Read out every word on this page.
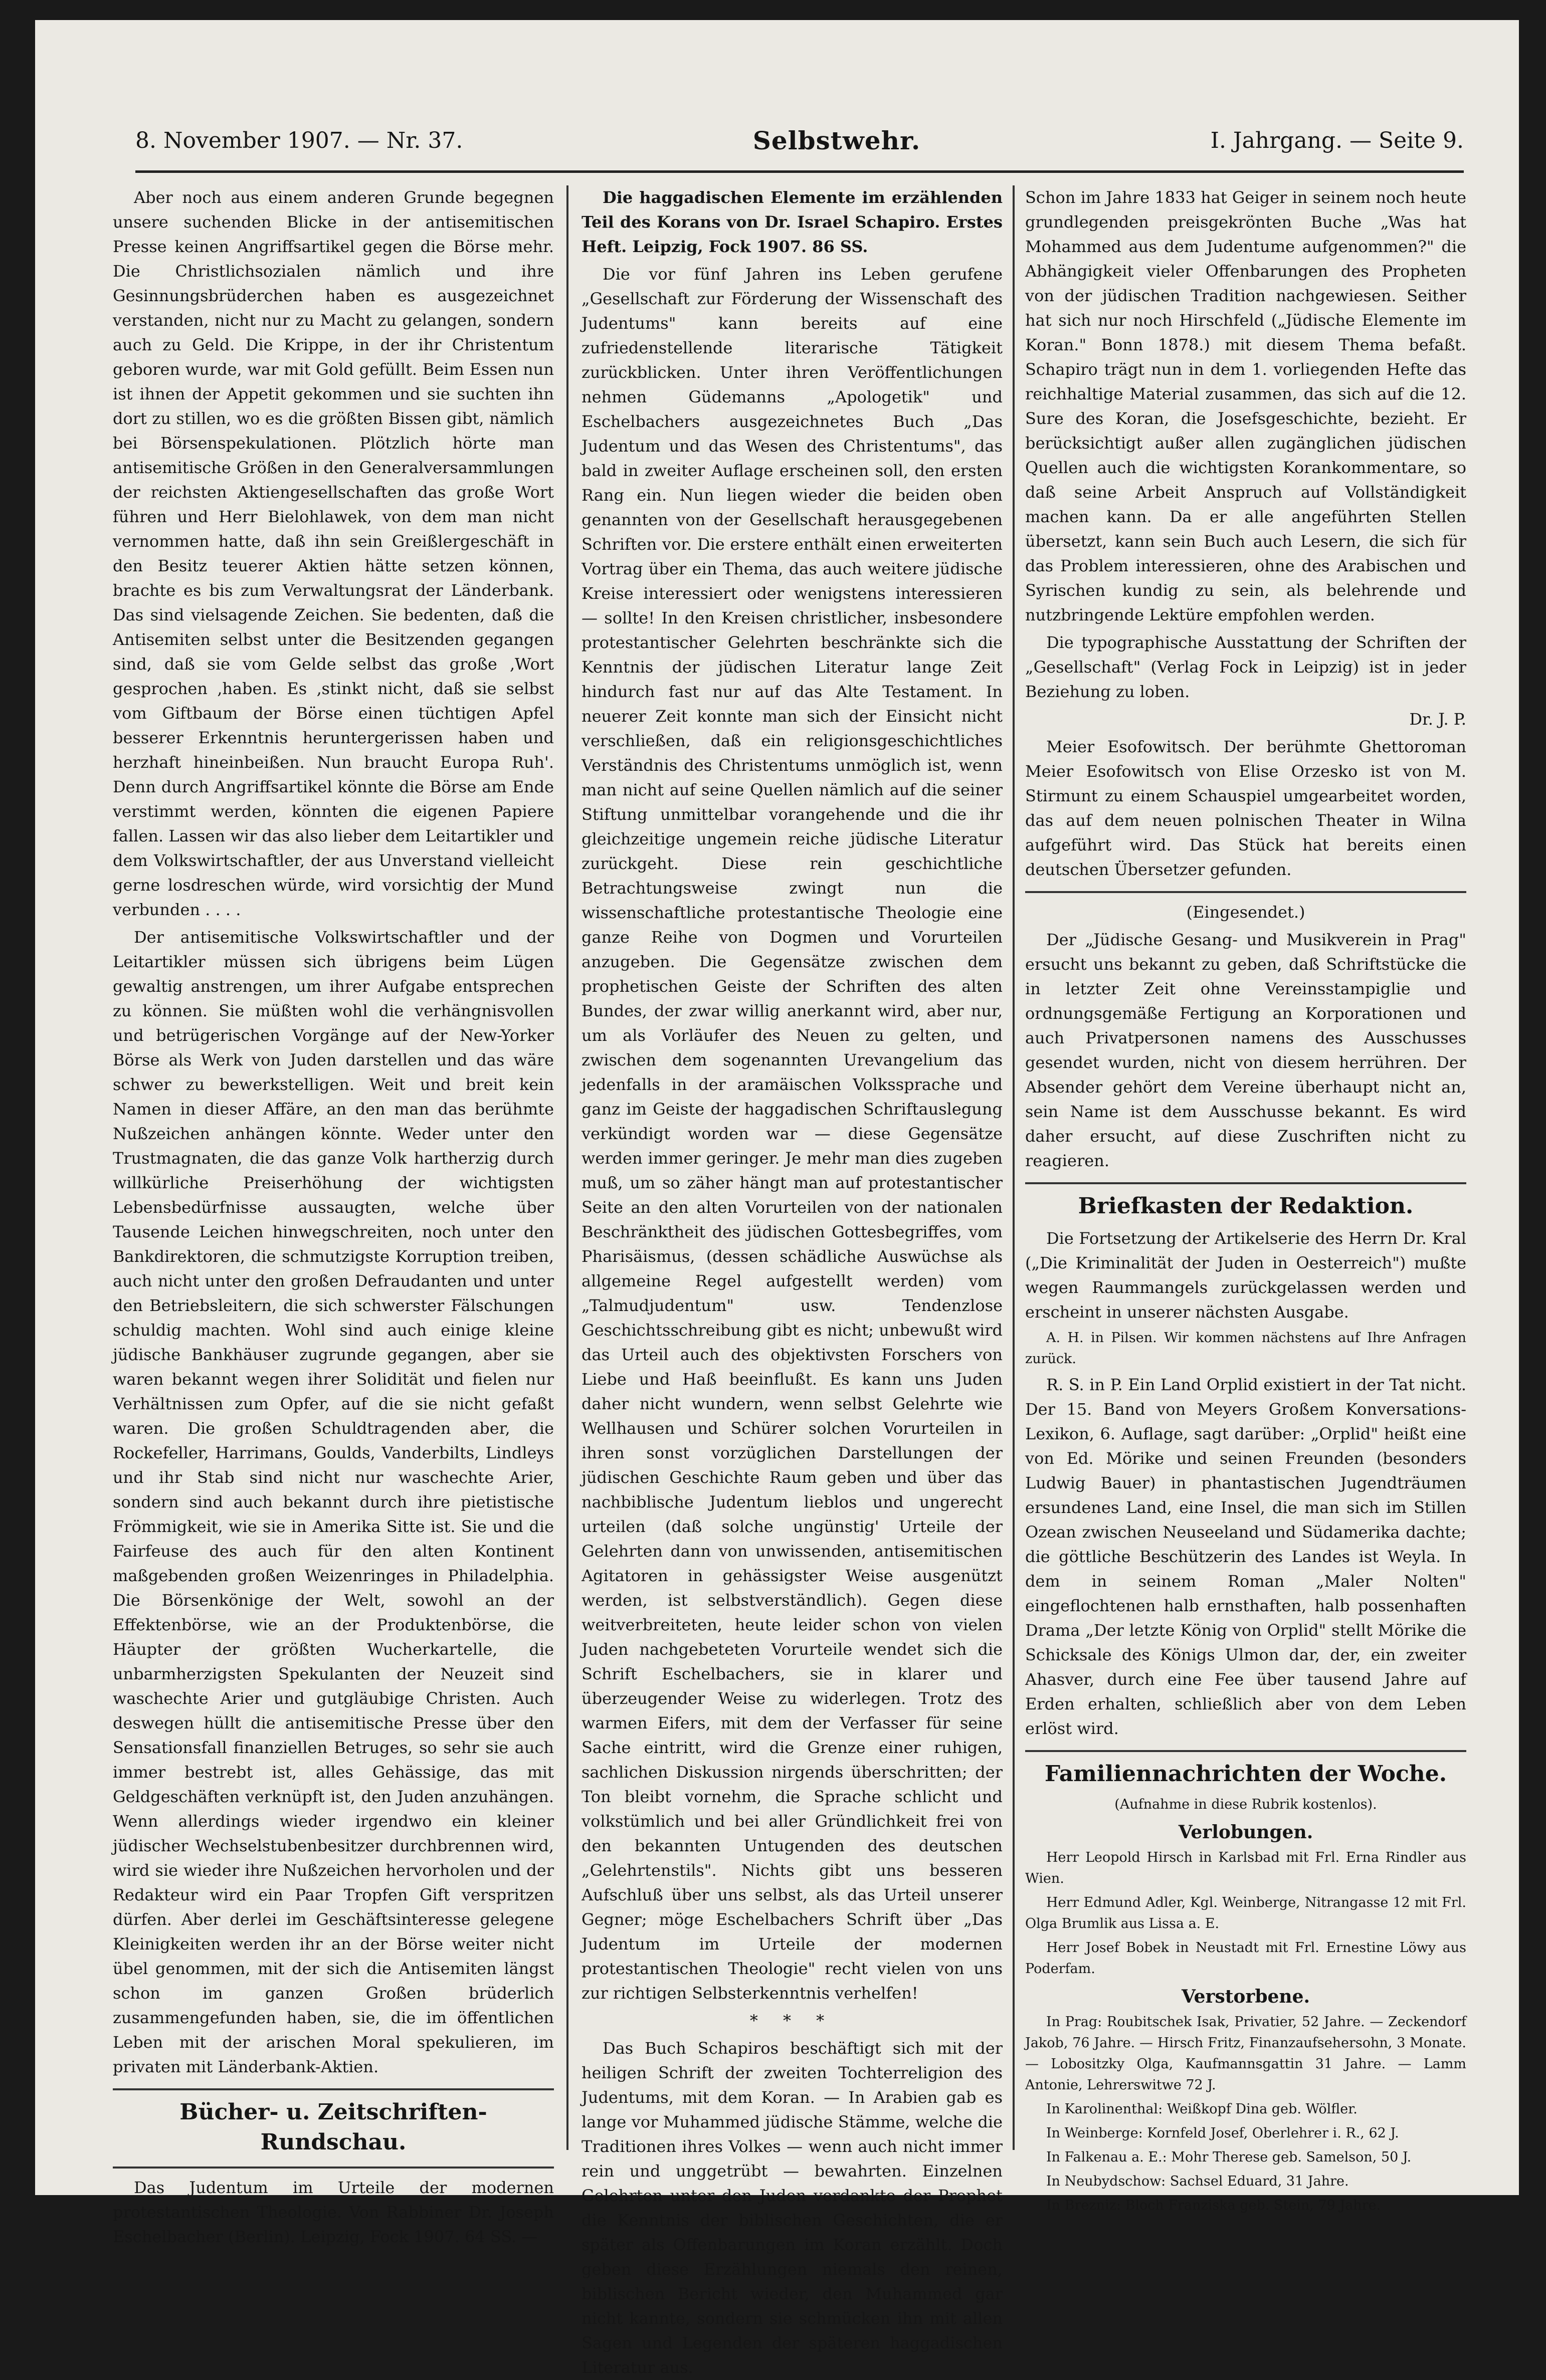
8. November 1907. — Nr. 37.	Selbstwehr.	I. Jahrgang. — Seite 9.

Aber noch aus einem anderen Grunde begegnen unsere suchenden Blicke in der antisemitischen Presse keinen Angriffsartikel gegen die Börse mehr. Die Christlichsozialen nämlich und ihre Gesinnungsbrüderchen haben es ausgezeichnet verstanden, nicht nur zu Macht zu gelangen, sondern auch zu Geld. Die Krippe, in der ihr Christentum geboren wurde, war mit Gold gefüllt. Beim Essen nun ist ihnen der Appetit gekommen und sie suchten ihn dort zu stillen, wo es die größten Bissen gibt, nämlich bei Börsenspekulationen. Plötzlich hörte man antisemitische Größen in den Generalversammlungen der reichsten Aktiengesellschaften das große Wort führen und Herr Bielohlawek, von dem man nicht vernommen hatte, daß ihn sein Greißlergeschäft in den Besitz teuerer Aktien hätte setzen können, brachte es bis zum Verwaltungsrat der Länderbank. Das sind vielsagende Zeichen. Sie bedenten, daß die Antisemiten selbst unter die Besitzenden gegangen sind, daß sie vom Gelde selbst das große ‚Wort gesprochen ‚haben. Es ‚stinkt nicht, daß sie selbst vom Giftbaum der Börse einen tüchtigen Apfel besserer Erkenntnis heruntergerissen haben und herzhaft hineinbeißen. Nun braucht Europa Ruh'. Denn durch Angriffsartikel könnte die Börse am Ende verstimmt werden, könnten die eigenen Papiere fallen. Lassen wir das also lieber dem Leitartikler und dem Volkswirtschaftler, der aus Unverstand vielleicht gerne losdreschen würde, wird vorsichtig der Mund verbunden . . . .

Der antisemitische Volkswirtschaftler und der Leitartikler müssen sich übrigens beim Lügen gewaltig anstrengen, um ihrer Aufgabe entsprechen zu können. Sie müßten wohl die verhängnisvollen und betrügerischen Vorgänge auf der New-Yorker Börse als Werk von Juden darstellen und das wäre schwer zu bewerkstelligen. Weit und breit kein Namen in dieser Affäre, an den man das berühmte Nußzeichen anhängen könnte. Weder unter den Trustmagnaten, die das ganze Volk hartherzig durch willkürliche Preiserhöhung der wichtigsten Lebensbedürfnisse aussaugten, welche über Tausende Leichen hinwegschreiten, noch unter den Bankdirektoren, die schmutzigste Korruption treiben, auch nicht unter den großen Defraudanten und unter den Betriebsleitern, die sich schwerster Fälschungen schuldig machten. Wohl sind auch einige kleine jüdische Bankhäuser zugrunde gegangen, aber sie waren bekannt wegen ihrer Solidität und fielen nur Verhältnissen zum Opfer, auf die sie nicht gefaßt waren. Die großen Schuldtragenden aber, die Rockefeller, Harrimans, Goulds, Vanderbilts, Lindleys und ihr Stab sind nicht nur waschechte Arier, sondern sind auch bekannt durch ihre pietistische Frömmigkeit, wie sie in Amerika Sitte ist. Sie und die Fairfeuse des auch für den alten Kontinent maßgebenden großen Weizenringes in Philadelphia. Die Börsenkönige der Welt, sowohl an der Effektenbörse, wie an der Produktenbörse, die Häupter der größten Wucherkartelle, die unbarmherzigsten Spekulanten der Neuzeit sind waschechte Arier und gutgläubige Christen. Auch deswegen hüllt die antisemitische Presse über den Sensationsfall finanziellen Betruges, so sehr sie auch immer bestrebt ist, alles Gehässige, das mit Geldgeschäften verknüpft ist, den Juden anzuhängen. Wenn allerdings wieder irgendwo ein kleiner jüdischer Wechselstubenbesitzer durchbrennen wird, wird sie wieder ihre Nußzeichen hervorholen und der Redakteur wird ein Paar Tropfen Gift verspritzen dürfen. Aber derlei im Geschäftsinteresse gelegene Kleinigkeiten werden ihr an der Börse weiter nicht übel genommen, mit der sich die Antisemiten längst schon im ganzen Großen brüderlich zusammengefunden haben, sie, die im öffentlichen Leben mit der arischen Moral spekulieren, im privaten mit Länderbank-Aktien.

Bücher- u. Zeitschriften-Rundschau.

Das Judentum im Urteile der modernen protestantischen Theologie. Von Rabbiner Dr. Joseph Eschelbacher (Berlin). Leipzig, Fock 1907. 64 SS. —

Die haggadischen Elemente im erzählenden Teil des Korans von Dr. Israel Schapiro. Erstes Heft. Leipzig, Fock 1907. 86 SS.

Die vor fünf Jahren ins Leben gerufene „Gesellschaft zur Förderung der Wissenschaft des Judentums" kann bereits auf eine zufriedenstellende literarische Tätigkeit zurückblicken. Unter ihren Veröffentlichungen nehmen Güdemanns „Apologetik" und Eschelbachers ausgezeichnetes Buch „Das Judentum und das Wesen des Christentums", das bald in zweiter Auflage erscheinen soll, den ersten Rang ein. Nun liegen wieder die beiden oben genannten von der Gesellschaft herausgegebenen Schriften vor. Die erstere enthält einen erweiterten Vortrag über ein Thema, das auch weitere jüdische Kreise interessiert oder wenigstens interessieren — sollte! In den Kreisen christlicher, insbesondere protestantischer Gelehrten beschränkte sich die Kenntnis der jüdischen Literatur lange Zeit hindurch fast nur auf das Alte Testament. In neuerer Zeit konnte man sich der Einsicht nicht verschließen, daß ein religionsgeschichtliches Verständnis des Christentums unmöglich ist, wenn man nicht auf seine Quellen nämlich auf die seiner Stiftung unmittelbar vorangehende und die ihr gleichzeitige ungemein reiche jüdische Literatur zurückgeht. Diese rein geschichtliche Betrachtungsweise zwingt nun die wissenschaftliche protestantische Theologie eine ganze Reihe von Dogmen und Vorurteilen anzugeben. Die Gegensätze zwischen dem prophetischen Geiste der Schriften des alten Bundes, der zwar willig anerkannt wird, aber nur, um als Vorläufer des Neuen zu gelten, und zwischen dem sogenannten Urevangelium das jedenfalls in der aramäischen Volkssprache und ganz im Geiste der haggadischen Schriftauslegung verkündigt worden war — diese Gegensätze werden immer geringer. Je mehr man dies zugeben muß, um so zäher hängt man auf protestantischer Seite an den alten Vorurteilen von der nationalen Beschränktheit des jüdischen Gottesbegriffes, vom Pharisäismus, (dessen schädliche Auswüchse als allgemeine Regel aufgestellt werden) vom „Talmudjudentum" usw. Tendenzlose Geschichtsschreibung gibt es nicht; unbewußt wird das Urteil auch des objektivsten Forschers von Liebe und Haß beeinflußt. Es kann uns Juden daher nicht wundern, wenn selbst Gelehrte wie Wellhausen und Schürer solchen Vorurteilen in ihren sonst vorzüglichen Darstellungen der jüdischen Geschichte Raum geben und über das nachbiblische Judentum lieblos und ungerecht urteilen (daß solche ungünstig' Urteile der Gelehrten dann von unwissenden, antisemitischen Agitatoren in gehässigster Weise ausgenützt werden, ist selbstverständlich). Gegen diese weitverbreiteten, heute leider schon von vielen Juden nachgebeteten Vorurteile wendet sich die Schrift Eschelbachers, sie in klarer und überzeugender Weise zu widerlegen. Trotz des warmen Eifers, mit dem der Verfasser für seine Sache eintritt, wird die Grenze einer ruhigen, sachlichen Diskussion nirgends überschritten; der Ton bleibt vornehm, die Sprache schlicht und volkstümlich und bei aller Gründlichkeit frei von den bekannten Untugenden des deutschen „Gelehrtenstils". Nichts gibt uns besseren Aufschluß über uns selbst, als das Urteil unserer Gegner; möge Eschelbachers Schrift über „Das Judentum im Urteile der modernen protestantischen Theologie" recht vielen von uns zur richtigen Selbsterkenntnis verhelfen!

* * *

Das Buch Schapiros beschäftigt sich mit der heiligen Schrift der zweiten Tochterreligion des Judentums, mit dem Koran. — In Arabien gab es lange vor Muhammed jüdische Stämme, welche die Traditionen ihres Volkes — wenn auch nicht immer rein und unggetrübt — bewahrten. Einzelnen Gelehrten unter den Juden verdankte der Prophet die Kenntnis der biblischen Geschichten, die er später als Offenbarungen im Koran erzählt. Doch geben diese Erzählungen niemals den reinen, biblischen Bericht wieder, den Muhammed gar nicht kannte, sondern sie schmücken ihn mit allen Sagen und Legenden der späteren haggadischen Literatur aus.

Schon im Jahre 1833 hat Geiger in seinem noch heute grundlegenden preisgekrönten Buche „Was hat Mohammed aus dem Judentume aufgenommen?" die Abhängigkeit vieler Offenbarungen des Propheten von der jüdischen Tradition nachgewiesen. Seither hat sich nur noch Hirschfeld („Jüdische Elemente im Koran." Bonn 1878.) mit diesem Thema befaßt. Schapiro trägt nun in dem 1. vorliegenden Hefte das reichhaltige Material zusammen, das sich auf die 12. Sure des Koran, die Josefsgeschichte, bezieht. Er berücksichtigt außer allen zugänglichen jüdischen Quellen auch die wichtigsten Korankommentare, so daß seine Arbeit Anspruch auf Vollständigkeit machen kann. Da er alle angeführten Stellen übersetzt, kann sein Buch auch Lesern, die sich für das Problem interessieren, ohne des Arabischen und Syrischen kundig zu sein, als belehrende und nutzbringende Lektüre empfohlen werden.

Die typographische Ausstattung der Schriften der „Gesellschaft" (Verlag Fock in Leipzig) ist in jeder Beziehung zu loben.

Dr. J. P.

Meier Esofowitsch. Der berühmte Ghettoroman Meier Esofowitsch von Elise Orzesko ist von M. Stirmunt zu einem Schauspiel umgearbeitet worden, das auf dem neuen polnischen Theater in Wilna aufgeführt wird. Das Stück hat bereits einen deutschen Übersetzer gefunden.

(Eingesendet.)

Der „Jüdische Gesang- und Musikverein in Prag" ersucht uns bekannt zu geben, daß Schriftstücke die in letzter Zeit ohne Vereinsstampiglie und ordnungsgemäße Fertigung an Korporationen und auch Privatpersonen namens des Ausschusses gesendet wurden, nicht von diesem herrühren. Der Absender gehört dem Vereine überhaupt nicht an, sein Name ist dem Ausschusse bekannt. Es wird daher ersucht, auf diese Zuschriften nicht zu reagieren.

Briefkasten der Redaktion.

Die Fortsetzung der Artikelserie des Herrn Dr. Kral („Die Kriminalität der Juden in Oesterreich") mußte wegen Raummangels zurückgelassen werden und erscheint in unserer nächsten Ausgabe.

A. H. in Pilsen. Wir kommen nächstens auf Ihre Anfragen zurück.

R. S. in P. Ein Land Orplid existiert in der Tat nicht. Der 15. Band von Meyers Großem Konversations-Lexikon, 6. Auflage, sagt darüber: „Orplid" heißt eine von Ed. Mörike und seinen Freunden (besonders Ludwig Bauer) in phantastischen Jugendträumen ersundenes Land, eine Insel, die man sich im Stillen Ozean zwischen Neuseeland und Südamerika dachte; die göttliche Beschützerin des Landes ist Weyla. In dem in seinem Roman „Maler Nolten" eingeflochtenen halb ernsthaften, halb possenhaften Drama „Der letzte König von Orplid" stellt Mörike die Schicksale des Königs Ulmon dar, der, ein zweiter Ahasver, durch eine Fee über tausend Jahre auf Erden erhalten, schließlich aber von dem Leben erlöst wird.

Familiennachrichten der Woche.

(Aufnahme in diese Rubrik kostenlos).

Verlobungen.

Herr Leopold Hirsch in Karlsbad mit Frl. Erna Rindler aus Wien.

Herr Edmund Adler, Kgl. Weinberge, Nitrangasse 12 mit Frl. Olga Brumlik aus Lissa a. E.

Herr Josef Bobek in Neustadt mit Frl. Ernestine Löwy aus Poderfam.

Verstorbene.

In Prag: Roubitschek Isak, Privatier, 52 Jahre. — Zeckendorf Jakob, 76 Jahre. — Hirsch Fritz, Finanzaufsehersohn, 3 Monate. — Lobositzky Olga, Kaufmannsgattin 31 Jahre. — Lamm Antonie, Lehrerswitwe 72 J.

In Karolinenthal: Weißkopf Dina geb. Wölfler.

In Weinberge: Kornfeld Josef, Oberlehrer i. R., 62 J.

In Falkenau a. E.: Mohr Therese geb. Samelson, 50 J.

In Neubydschow: Sachsel Eduard, 31 Jahre.

In Brezniz: Bloch Franziska geb. Stein, 79 Jahre.
